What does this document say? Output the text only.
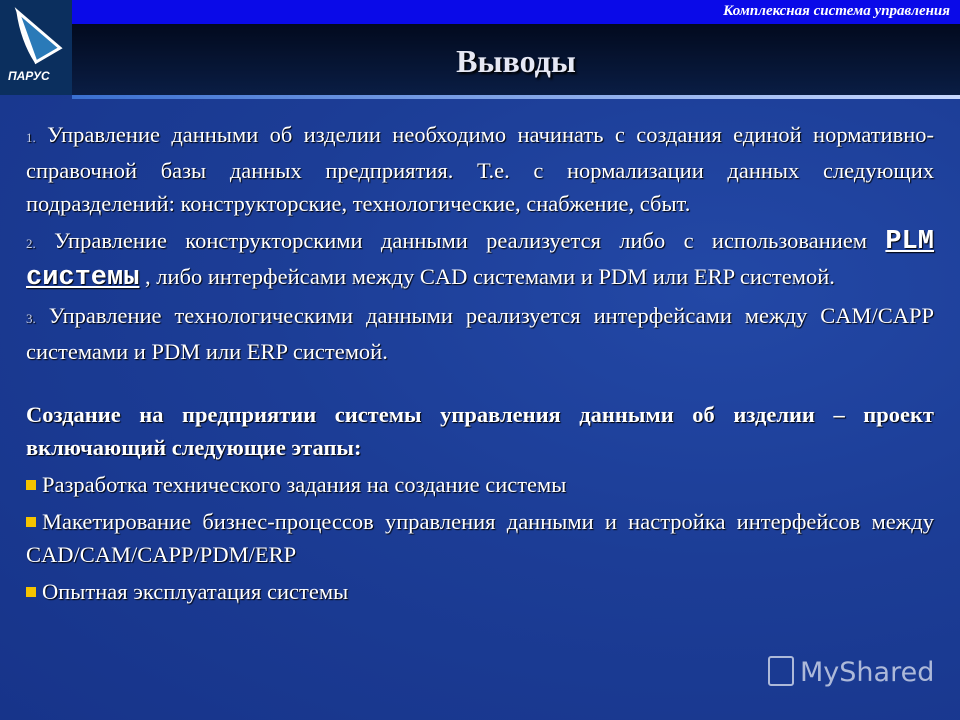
ПАРУС
Комплексная система управления
Выводы

1. Управление данными об изделии необходимо начинать с создания единой нормативно-справочной базы данных предприятия. Т.е. с нормализации данных следующих подразделений: конструкторские, технологические, снабжение, сбыт.

2. Управление конструкторскими данными реализуется либо с использованием PLM системы , либо интерфейсами между CAD системами и PDM или ERP системой.

3. Управление технологическими данными реализуется интерфейсами между CAM/CAPP системами и PDM или ERP системой.

Создание на предприятии системы управления данными об изделии – проект включающий следующие этапы:

Разработка технического задания на создание системы

Макетирование бизнес-процессов управления данными и настройка интерфейсов между CAD/CAM/CAPP/PDM/ERP

Опытная эксплуатация системы

MyShared
